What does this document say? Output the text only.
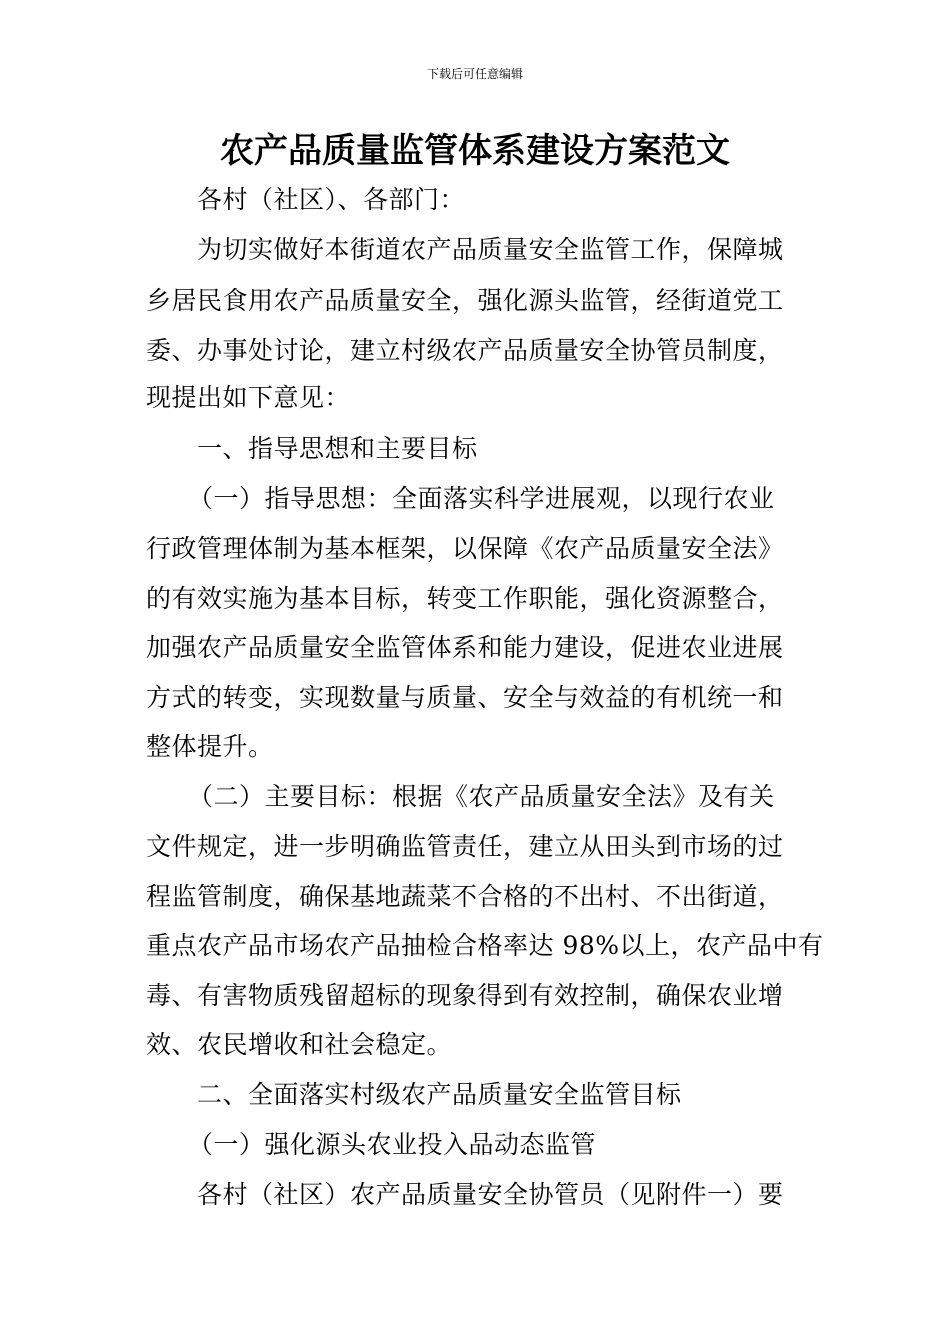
下载后可任意编辑
农产品质量监管体系建设方案范文
各村（社区）、各部门：
为切实做好本街道农产品质量安全监管工作，保障城
乡居民食用农产品质量安全，强化源头监管，经街道党工
委、办事处讨论，建立村级农产品质量安全协管员制度，
现提出如下意见：
一、指导思想和主要目标
（一）指导思想：全面落实科学进展观，以现行农业
行政管理体制为基本框架，以保障《农产品质量安全法》
的有效实施为基本目标，转变工作职能，强化资源整合，
加强农产品质量安全监管体系和能力建设，促进农业进展
方式的转变，实现数量与质量、安全与效益的有机统一和
整体提升。
（二）主要目标：根据《农产品质量安全法》及有关
文件规定，进一步明确监管责任，建立从田头到市场的过
程监管制度，确保基地蔬菜不合格的不出村、不出街道，
重点农产品市场农产品抽检合格率达 98%以上，农产品中有
毒、有害物质残留超标的现象得到有效控制，确保农业增
效、农民增收和社会稳定。
二、全面落实村级农产品质量安全监管目标
（一）强化源头农业投入品动态监管
各村（社区）农产品质量安全协管员（见附件一）要
